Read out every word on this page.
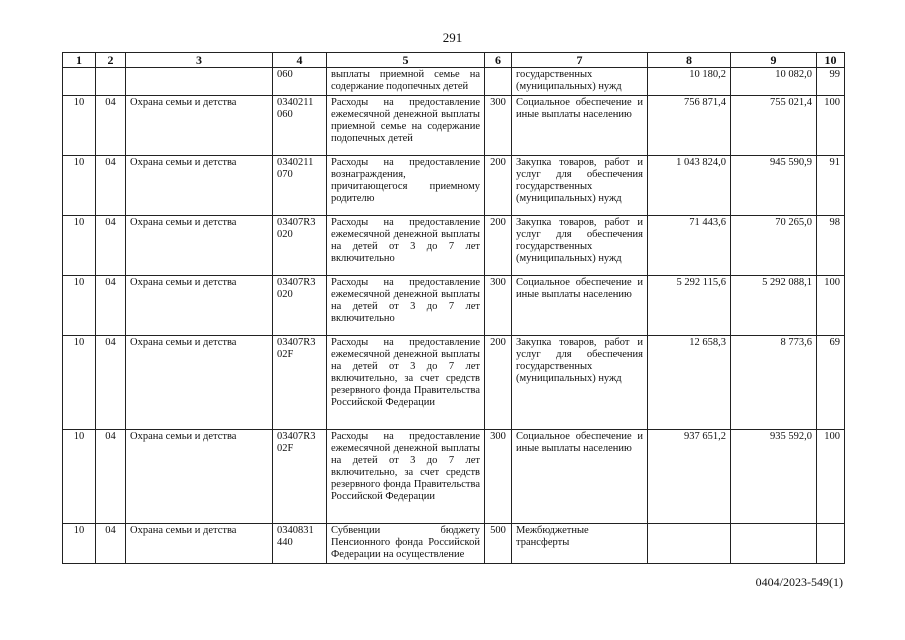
291
1	2	3	4	5	6	7	8	9	10
			060	выплаты приемной семье на содержание подопечных детей		государственных (муниципальных) нужд	10 180,2	10 082,0	99
10	04	Охрана семьи и детства	0340211 060	Расходы на предоставление ежемесячной денежной выплаты приемной семье на содержание подопечных детей	300	Социальное обеспечение и иные выплаты населению	756 871,4	755 021,4	100
10	04	Охрана семьи и детства	0340211 070	Расходы на предоставление вознаграждения, причитающегося приемному родителю	200	Закупка товаров, работ и услуг для обеспечения государственных (муниципальных) нужд	1 043 824,0	945 590,9	91
10	04	Охрана семьи и детства	03407R3 020	Расходы на предоставление ежемесячной денежной выплаты на детей от 3 до 7 лет включительно	200	Закупка товаров, работ и услуг для обеспечения государственных (муниципальных) нужд	71 443,6	70 265,0	98
10	04	Охрана семьи и детства	03407R3 020	Расходы на предоставление ежемесячной денежной выплаты на детей от 3 до 7 лет включительно	300	Социальное обеспечение и иные выплаты населению	5 292 115,6	5 292 088,1	100
10	04	Охрана семьи и детства	03407R3 02F	Расходы на предоставление ежемесячной денежной выплаты на детей от 3 до 7 лет включительно, за счет средств резервного фонда Правительства Российской Федерации	200	Закупка товаров, работ и услуг для обеспечения государственных (муниципальных) нужд	12 658,3	8 773,6	69
10	04	Охрана семьи и детства	03407R3 02F	Расходы на предоставление ежемесячной денежной выплаты на детей от 3 до 7 лет включительно, за счет средств резервного фонда Правительства Российской Федерации	300	Социальное обеспечение и иные выплаты населению	937 651,2	935 592,0	100
10	04	Охрана семьи и детства	0340831 440	Субвенции бюджету Пенсионного фонда Российской Федерации на осуществление	500	Межбюджетные трансферты			
0404/2023-549(1)
